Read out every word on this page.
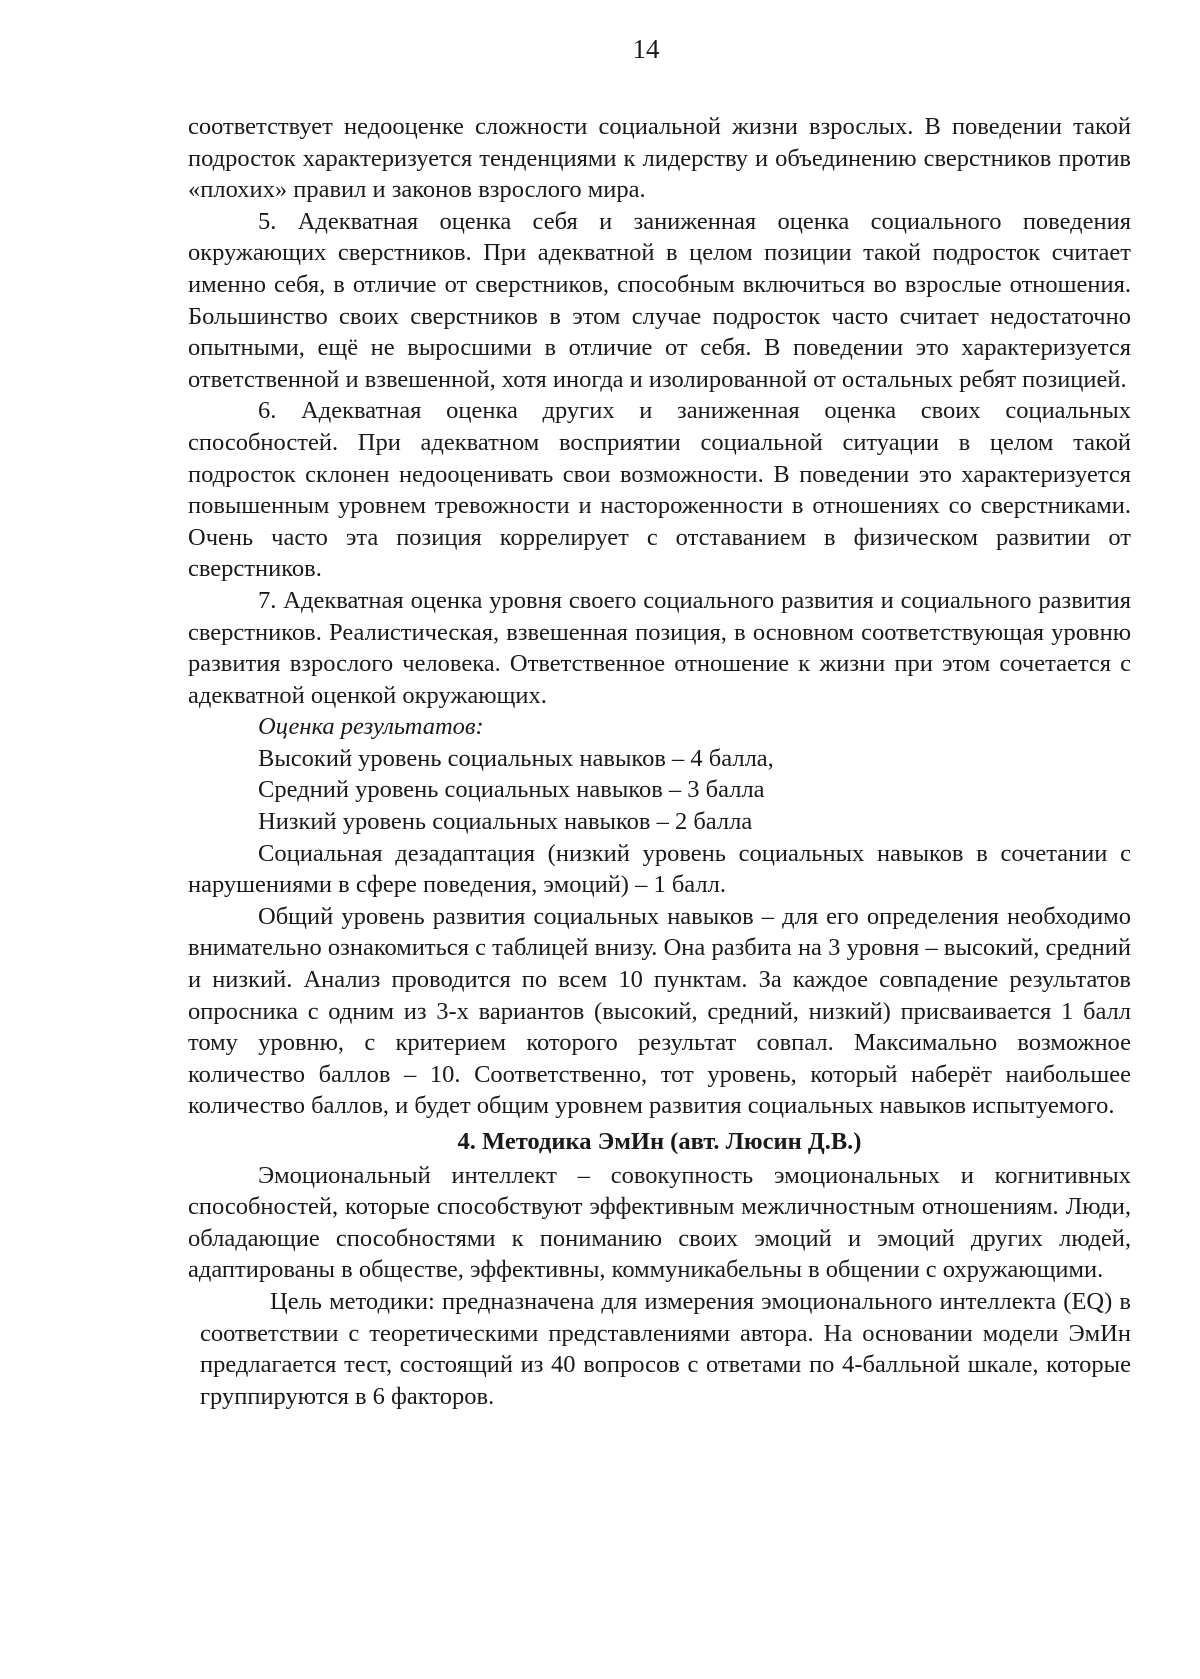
14

соответствует недооценке сложности социальной жизни взрослых. В поведении такой подросток характеризуется тенденциями к лидерству и объединению сверстников против «плохих» правил и законов взрослого мира.

5. Адекватная оценка себя и заниженная оценка социального поведения окружающих сверстников. При адекватной в целом позиции такой подросток считает именно себя, в отличие от сверстников, способным включиться во взрослые отношения. Большинство своих сверстников в этом случае подросток часто считает недостаточно опытными, ещё не выросшими в отличие от себя. В поведении это характеризуется ответственной и взвешенной, хотя иногда и изолированной от остальных ребят позицией.

6. Адекватная оценка других и заниженная оценка своих социальных способностей. При адекватном восприятии социальной ситуации в целом такой подросток склонен недооценивать свои возможности. В поведении это характеризуется повышенным уровнем тревожности и настороженности в отношениях со сверстниками. Очень часто эта позиция коррелирует с отставанием в физическом развитии от сверстников.

7. Адекватная оценка уровня своего социального развития и социального развития сверстников. Реалистическая, взвешенная позиция, в основном соответствующая уровню развития взрослого человека. Ответственное отношение к жизни при этом сочетается с адекватной оценкой окружающих.

Оценка результатов:

Высокий уровень социальных навыков – 4 балла,

Средний уровень социальных навыков – 3 балла

Низкий уровень социальных навыков – 2 балла

Социальная дезадаптация (низкий уровень социальных навыков в сочетании с нарушениями в сфере поведения, эмоций) – 1 балл.

Общий уровень развития социальных навыков – для его определения необходимо внимательно ознакомиться с таблицей внизу. Она разбита на 3 уровня – высокий, средний и низкий. Анализ проводится по всем 10 пунктам. За каждое совпадение результатов опросника с одним из 3-х вариантов (высокий, средний, низкий) присваивается 1 балл тому уровню, с критерием которого результат совпал. Максимально возможное количество баллов – 10. Соответственно, тот уровень, который наберёт наибольшее количество баллов, и будет общим уровнем развития социальных навыков испытуемого.

4. Методика ЭмИн (авт. Люсин Д.В.)

Эмоциональный интеллект – совокупность эмоциональных и когнитивных способностей, которые способствуют эффективным межличностным отношениям. Люди, обладающие способностями к пониманию своих эмоций и эмоций других людей, адаптированы в обществе, эффективны, коммуникабельны в общении с охружающими.

Цель методики: предназначена для измерения эмоционального интеллекта (EQ) в соответствии с теоретическими представлениями автора. На основании модели ЭмИн предлагается тест, состоящий из 40 вопросов с ответами по 4-балльной шкале, которые группируются в 6 факторов.
